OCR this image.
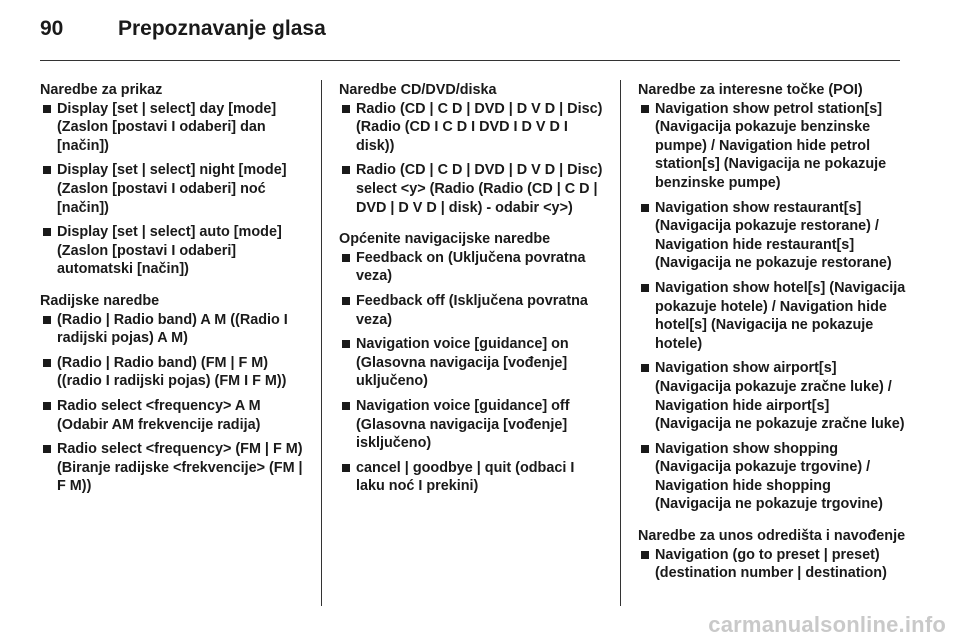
90	Prepoznavanje glasa

Naredbe za prikaz

Display [set | select] day [mode] (Zaslon [postavi I odaberi] dan [način])
Display [set | select] night [mode] (Zaslon [postavi I odaberi] noć [način])
Display [set | select] auto [mode] (Zaslon [postavi I odaberi] automatski [način])

Radijske naredbe

(Radio | Radio band) A M ((Radio I radijski pojas) A M)
(Radio | Radio band) (FM | F M) ((radio I radijski pojas) (FM I F M))
Radio select <frequency> A M (Odabir AM frekvencije radija)
Radio select <frequency> (FM | F M) (Biranje radijske <frekvencije> (FM | F M))

Naredbe CD/DVD/diska

Radio (CD | C D | DVD | D V D | Disc) (Radio (CD I C D I DVD I D V D I disk))
Radio (CD | C D | DVD | D V D | Disc) select <y> (Radio (Radio (CD | C D | DVD | D V D | disk) - odabir <y>)

Općenite navigacijske naredbe

Feedback on (Uključena povratna veza)
Feedback off (Isključena povratna veza)
Navigation voice [guidance] on (Glasovna navigacija [vođenje] uključeno)
Navigation voice [guidance] off (Glasovna navigacija [vođenje] isključeno)
cancel | goodbye | quit (odbaci I laku noć I prekini)

Naredbe za interesne točke (POI)

Navigation show petrol station[s] (Navigacija pokazuje benzinske pumpe) / Navigation hide petrol station[s] (Navigacija ne pokazuje benzinske pumpe)
Navigation show restaurant[s] (Navigacija pokazuje restorane) / Navigation hide restaurant[s] (Navigacija ne pokazuje restorane)
Navigation show hotel[s] (Navigacija pokazuje hotele) / Navigation hide hotel[s] (Navigacija ne pokazuje hotele)
Navigation show airport[s] (Navigacija pokazuje zračne luke) / Navigation hide airport[s] (Navigacija ne pokazuje zračne luke)
Navigation show shopping (Navigacija pokazuje trgovine) / Navigation hide shopping (Navigacija ne pokazuje trgovine)

Naredbe za unos odredišta i navođenje

Navigation (go to preset | preset) (destination number | destination)
carmanualsonline.info
